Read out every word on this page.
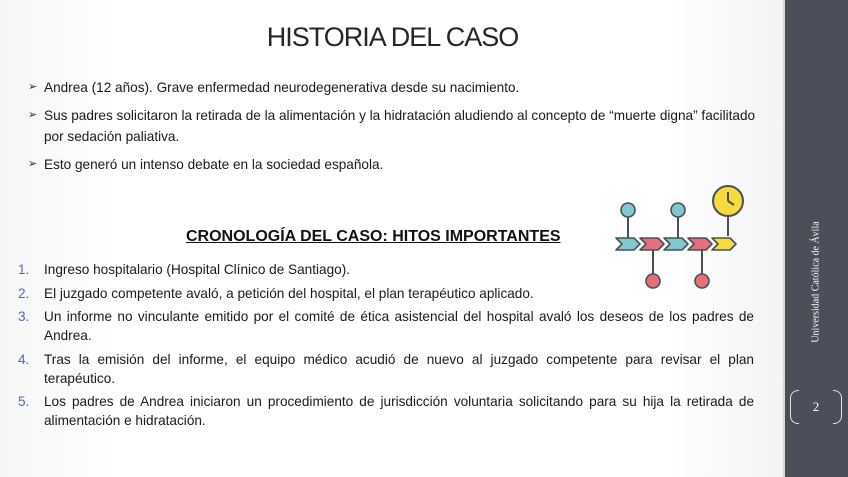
HISTORIA DEL CASO
➢ Andrea (12 años). Grave enfermedad neurodegenerativa desde su nacimiento.
➢ Sus padres solicitaron la retirada de la alimentación y la hidratación aludiendo al concepto de “muerte digna” facilitado por sedación paliativa.
➢ Esto generó un intenso debate en la sociedad española.
CRONOLOGÍA DEL CASO: HITOS IMPORTANTES
1. Ingreso hospitalario (Hospital Clínico de Santiago).
2. El juzgado competente avaló, a petición del hospital, el plan terapéutico aplicado.
3. Un informe no vinculante emitido por el comité de ética asistencial del hospital avaló los deseos de los padres de Andrea.
4. Tras la emisión del informe, el equipo médico acudió de nuevo al juzgado competente para revisar el plan terapéutico.
5. Los padres de Andrea iniciaron un procedimiento de jurisdicción voluntaria solicitando para su hija la retirada de alimentación e hidratación.
Universidad Católica de Ávila
2
